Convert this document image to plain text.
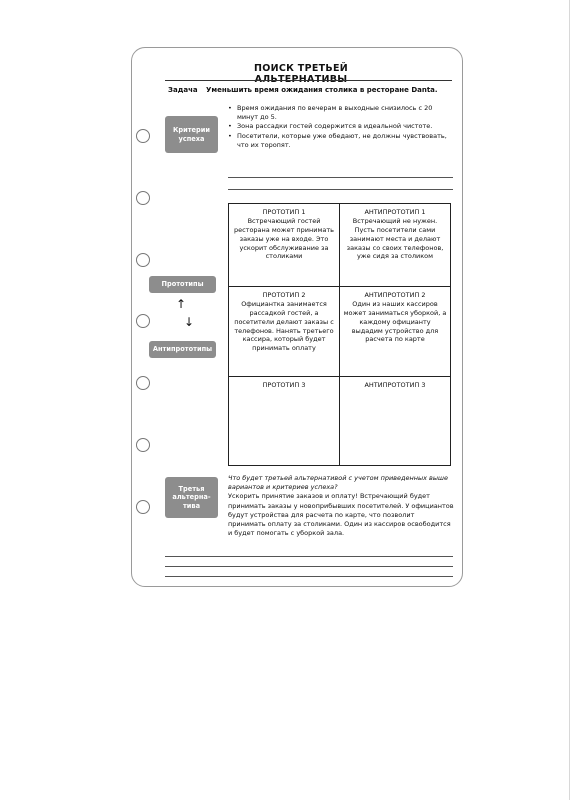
ПОИСК ТРЕТЬЕЙ
Задача Уменьшить время ожидания столика в ресторане Danta.
Критерии
успеха
• Время ожидания по вечерам в выходные снизилось с 20 минут до 5.
• Зона рассадки гостей содержится в идеальной чистоте.
• Посетители, которые уже обедают, не должны чувствовать, что их торопят.
Прототипы
↑
↓
Антипрототипы
ПРОТОТИП 1
Встречающий гостей ресторана может принимать заказы уже на входе. Это ускорит обслуживание за столиками
АНТИПРОТОТИП 1
Встречающий не нужен. Пусть посетители сами занимают места и делают заказы со своих телефонов, уже сидя за столиком
ПРОТОТИП 2
Официантка занимается рассадкой гостей, а посетители делают заказы с телефонов. Нанять третьего кассира, который будет принимать оплату
АНТИПРОТОТИП 2
Один из наших кассиров может заниматься уборкой, а каждому официанту выдадим устройство для расчета по карте
ПРОТОТИП 3	АНТИПРОТОТИП 3
Третья
альтерна-
тива
Что будет третьей альтернативой с учетом приведенных выше вариантов и критериев успеха?
Ускорить принятие заказов и оплату! Встречающий будет принимать заказы у новоприбывших посетителей. У официантов будут устройства для расчета по карте, что позволит принимать оплату за столиками. Один из кассиров освободится и будет помогать с уборкой зала.
